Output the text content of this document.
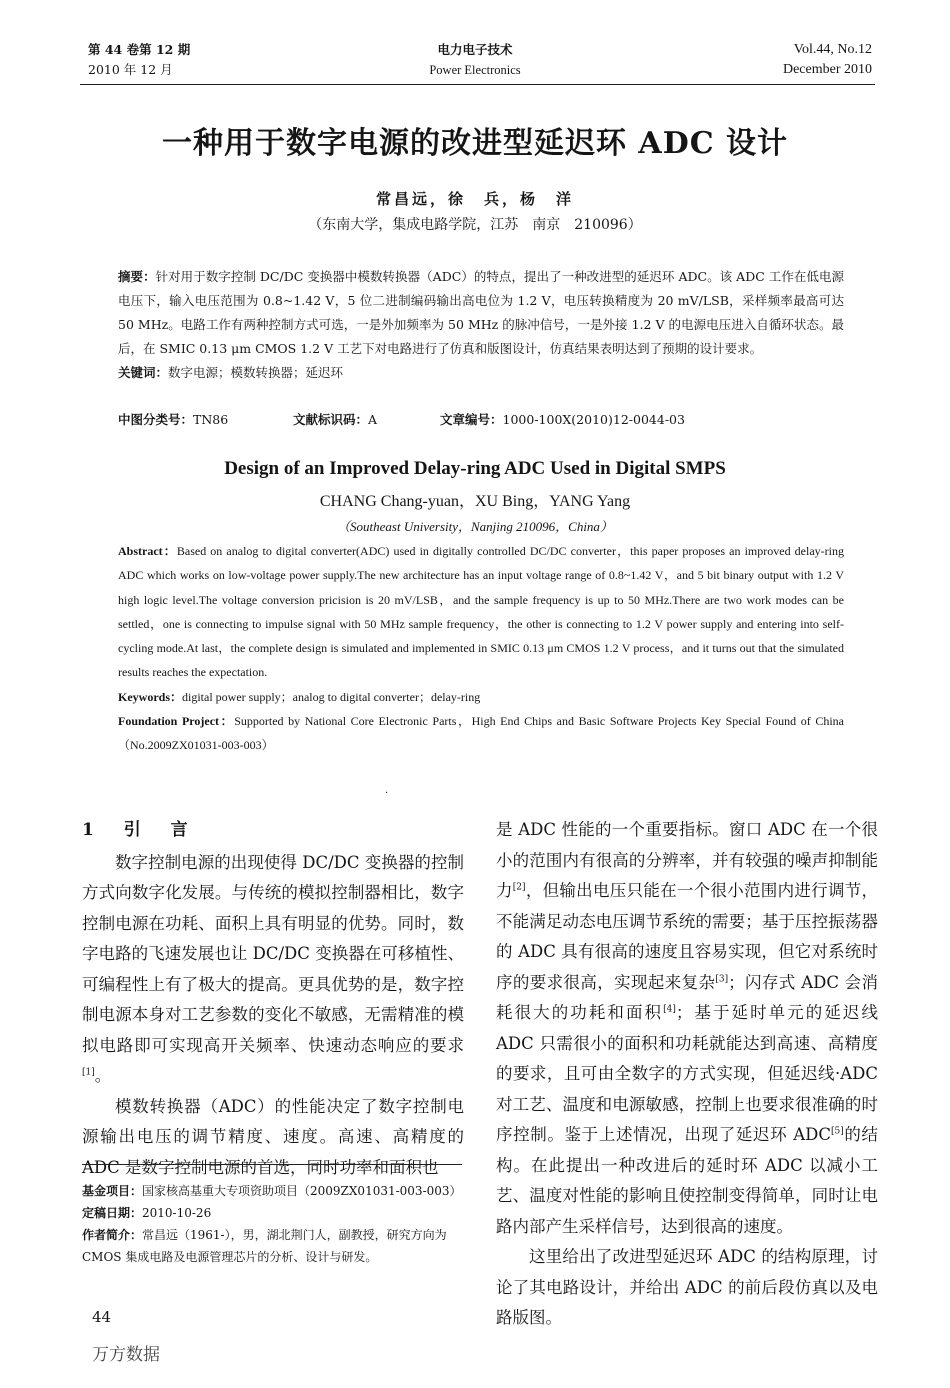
第 44 卷第 12 期
2010 年 12 月
电力电子技术
Power Electronics
Vol.44, No.12
December 2010
一种用于数字电源的改进型延迟环 ADC 设计
常昌远，徐　兵，杨　洋
（东南大学，集成电路学院，江苏　南京　210096）

摘要：针对用于数字控制 DC/DC 变换器中模数转换器（ADC）的特点，提出了一种改进型的延迟环 ADC。该 ADC 工作在低电源电压下，输入电压范围为 0.8~1.42 V，5 位二进制编码输出高电位为 1.2 V，电压转换精度为 20 mV/LSB，采样频率最高可达 50 MHz。电路工作有两种控制方式可选，一是外加频率为 50 MHz 的脉冲信号，一是外接 1.2 V 的电源电压进入自循环状态。最后，在 SMIC 0.13 μm CMOS 1.2 V 工艺下对电路进行了仿真和版图设计，仿真结果表明达到了预期的设计要求。

关键词：数字电源；模数转换器；延迟环

中图分类号：TN86	文献标识码：A	文章编号：1000-100X(2010)12-0044-03
Design of an Improved Delay-ring ADC Used in Digital SMPS
CHANG Chang-yuan，XU Bing，YANG Yang
（Southeast University，Nanjing 210096，China）

Abstract：Based on analog to digital converter(ADC) used in digitally controlled DC/DC converter，this paper proposes an improved delay-ring ADC which works on low-voltage power supply.The new architecture has an input voltage range of 0.8~1.42 V，and 5 bit binary output with 1.2 V high logic level.The voltage conversion pricision is 20 mV/LSB，and the sample frequency is up to 50 MHz.There are two work modes can be settled，one is connecting to impulse signal with 50 MHz sample frequency，the other is connecting to 1.2 V power supply and entering into self-cycling mode.At last，the complete design is simulated and implemented in SMIC 0.13 μm CMOS 1.2 V process，and it turns out that the simulated results reaches the expectation.

Keywords：digital power supply；analog to digital converter；delay-ring

Foundation Project：Supported by National Core Electronic Parts，High End Chips and Basic Software Projects Key Special Found of China（No.2009ZX01031-003-003）

·

1 引 言

数字控制电源的出现使得 DC/DC 变换器的控制方式向数字化发展。与传统的模拟控制器相比，数字控制电源在功耗、面积上具有明显的优势。同时，数字电路的飞速发展也让 DC/DC 变换器在可移植性、可编程性上有了极大的提高。更具优势的是，数字控制电源本身对工艺参数的变化不敏感，无需精准的模拟电路即可实现高开关频率、快速动态响应的要求[1]。

模数转换器（ADC）的性能决定了数字控制电源输出电压的调节精度、速度。高速、高精度的 ADC 是数字控制电源的首选，同时功率和面积也

基金项目：国家核高基重大专项资助项目（2009ZX01031-003-003）

定稿日期：2010-10-26

作者简介：常昌远（1961-），男，湖北荆门人，副教授，研究方向为 CMOS 集成电路及电源管理芯片的分析、设计与研发。

44
万方数据

是 ADC 性能的一个重要指标。窗口 ADC 在一个很小的范围内有很高的分辨率，并有较强的噪声抑制能力[2]，但输出电压只能在一个很小范围内进行调节，不能满足动态电压调节系统的需要；基于压控振荡器的 ADC 具有很高的速度且容易实现，但它对系统时序的要求很高，实现起来复杂[3]；闪存式 ADC 会消耗很大的功耗和面积[4]；基于延时单元的延迟线 ADC 只需很小的面积和功耗就能达到高速、高精度的要求，且可由全数字的方式实现，但延迟线·ADC 对工艺、温度和电源敏感，控制上也要求很准确的时序控制。鉴于上述情况，出现了延迟环 ADC[5]的结构。在此提出一种改进后的延时环 ADC 以减小工艺、温度对性能的影响且使控制变得简单，同时让电路内部产生采样信号，达到很高的速度。

这里给出了改进型延迟环 ADC 的结构原理，讨论了其电路设计，并给出 ADC 的前后段仿真以及电路版图。
